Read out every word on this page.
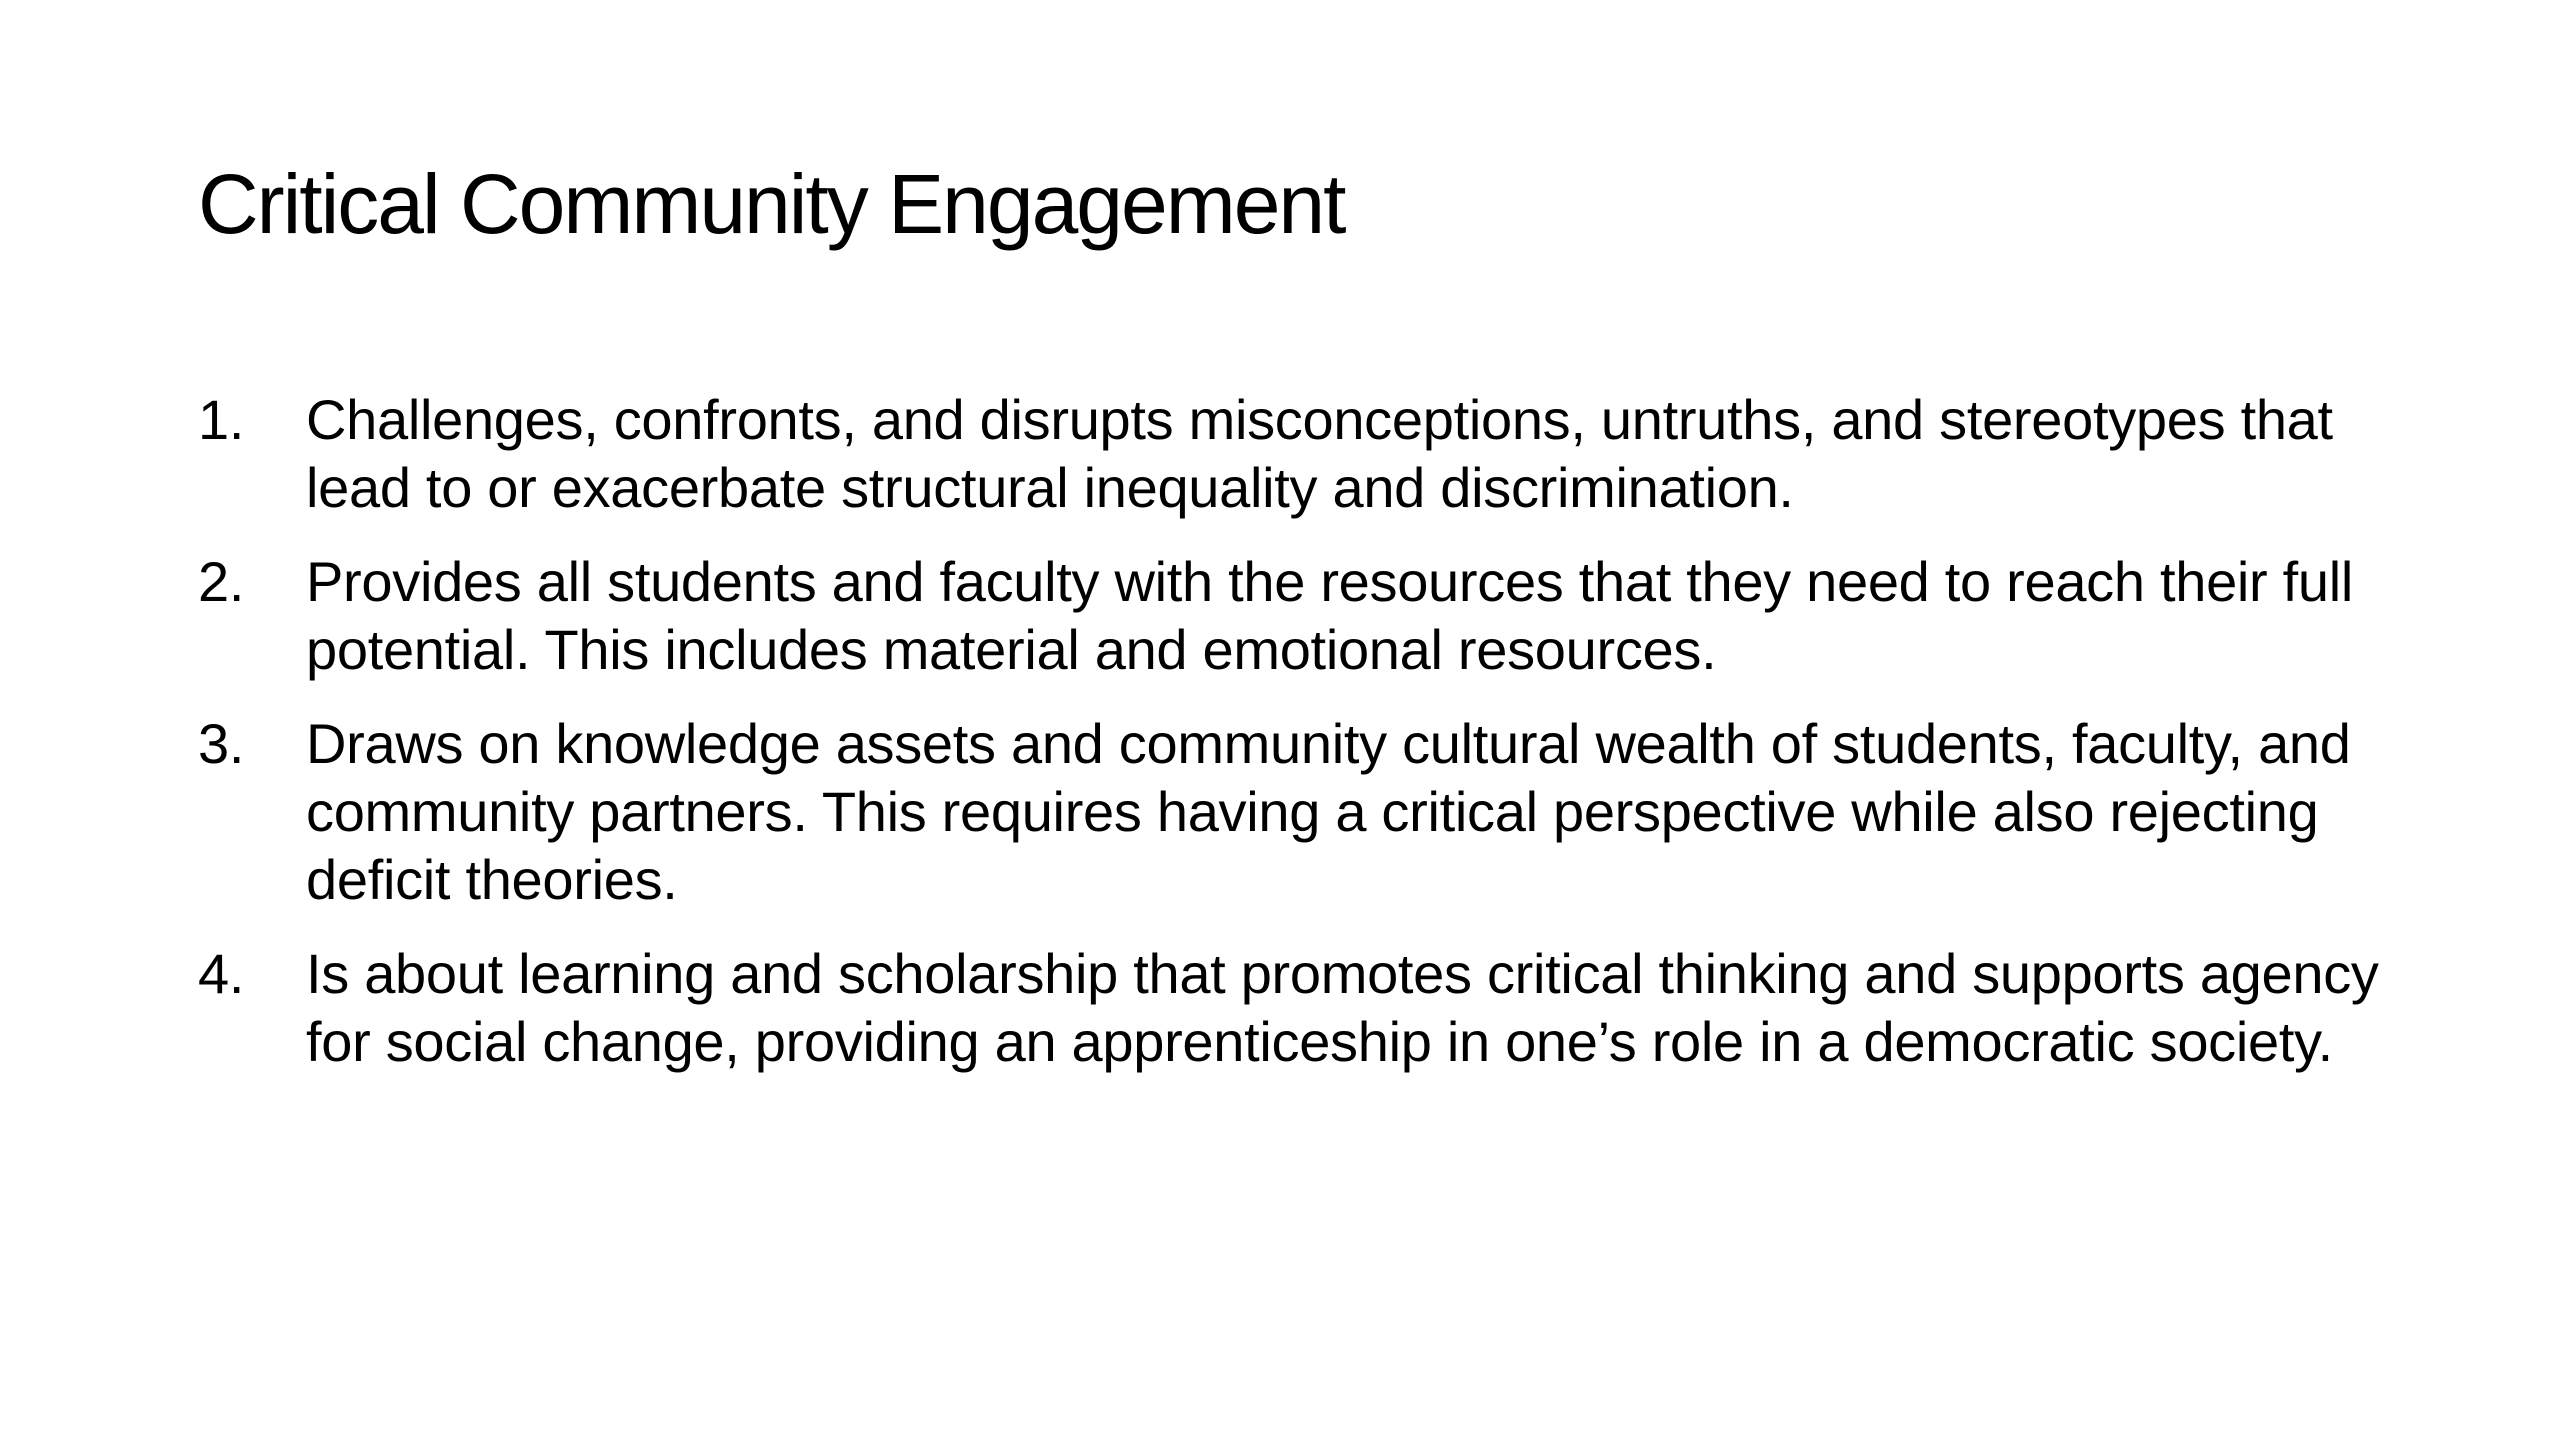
Critical Community Engagement
1.	Challenges, confronts, and disrupts misconceptions, untruths, and stereotypes that lead to or exacerbate structural inequality and discrimination.
2.	Provides all students and faculty with the resources that they need to reach their full potential. This includes material and emotional resources.
3.	Draws on knowledge assets and community cultural wealth of students, faculty, and community partners. This requires having a critical perspective while also rejecting deficit theories.
4.	Is about learning and scholarship that promotes critical thinking and supports agency for social change, providing an apprenticeship in one’s role in a democratic society.
